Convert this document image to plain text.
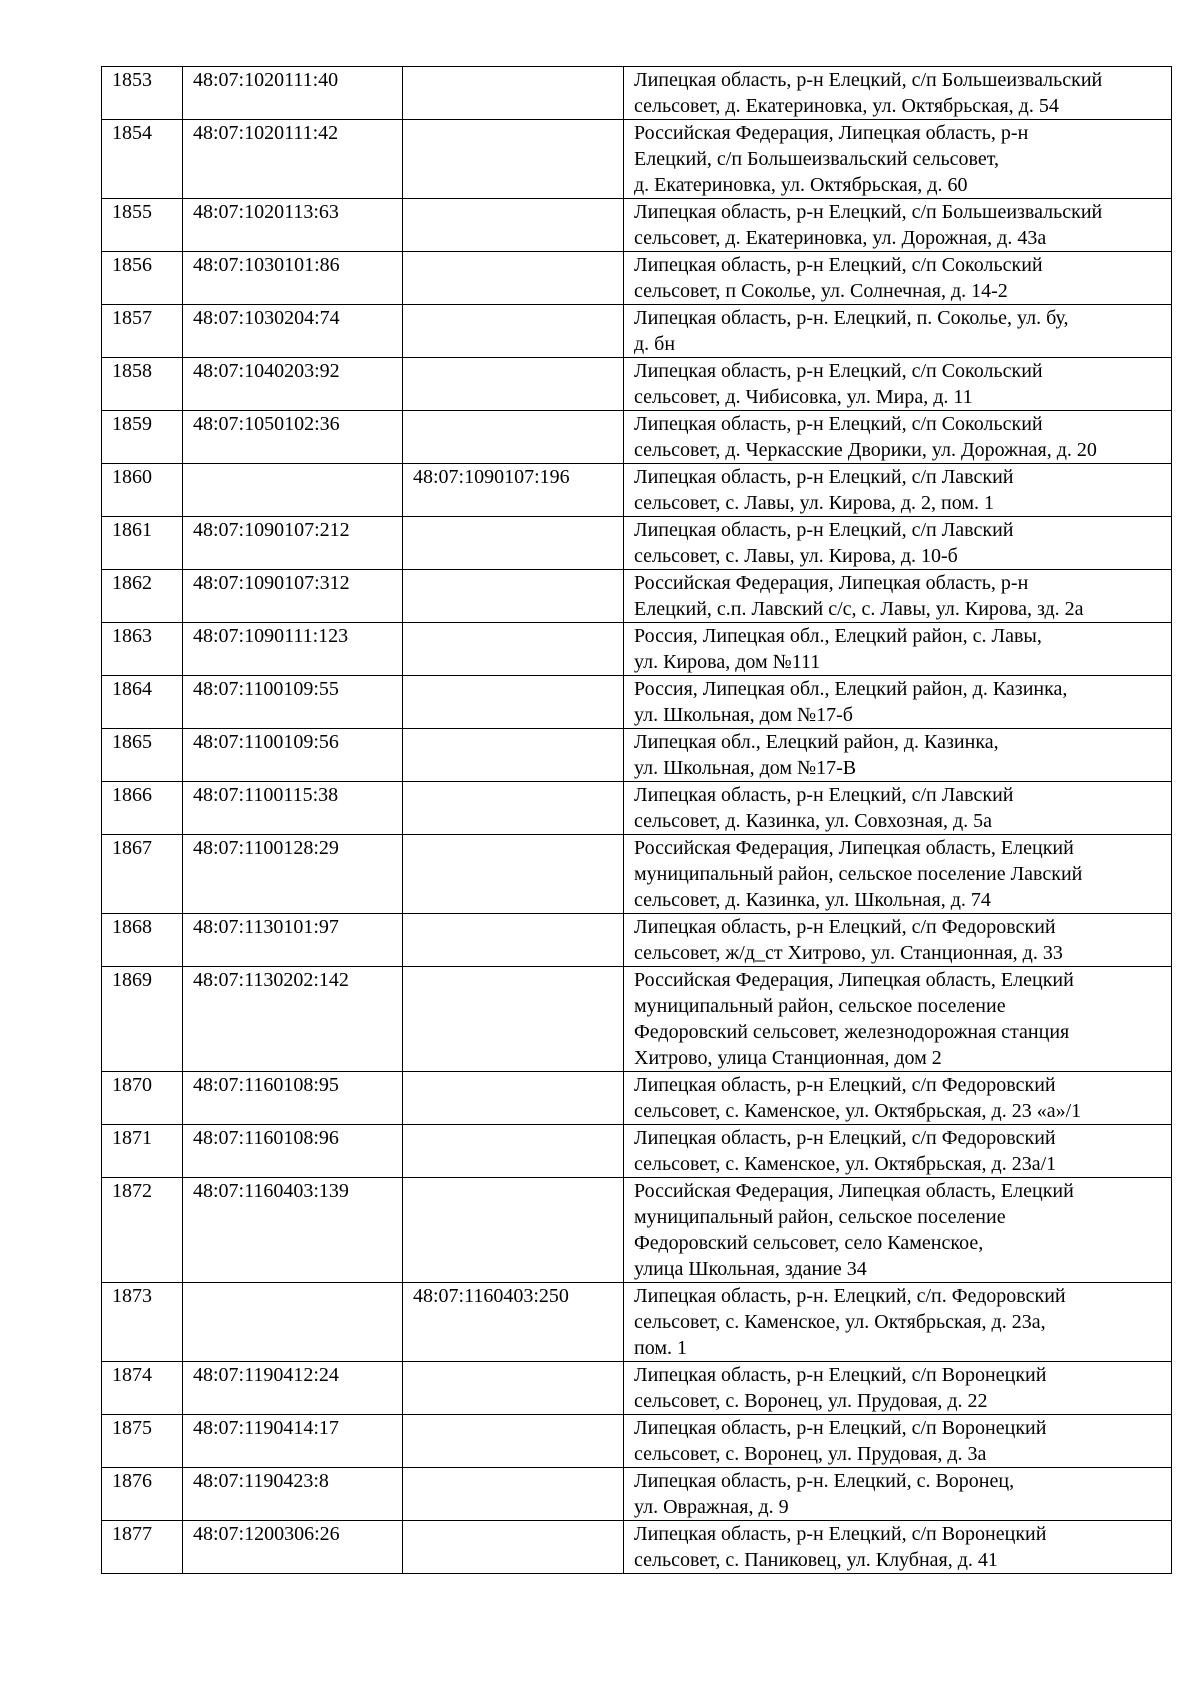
1853	48:07:1020111:40		Липецкая область, р-н Елецкий, с/п Большеизвальский
сельсовет, д. Екатериновка, ул. Октябрьская, д. 54
1854	48:07:1020111:42		Российская Федерация, Липецкая область, р-н
Елецкий, с/п Большеизвальский сельсовет,
д. Екатериновка, ул. Октябрьская, д. 60
1855	48:07:1020113:63		Липецкая область, р-н Елецкий, с/п Большеизвальский
сельсовет, д. Екатериновка, ул. Дорожная, д. 43а
1856	48:07:1030101:86		Липецкая область, р-н Елецкий, с/п Сокольский
сельсовет, п Соколье, ул. Солнечная, д. 14-2
1857	48:07:1030204:74		Липецкая область, р-н. Елецкий, п. Соколье, ул. бу,
д. бн
1858	48:07:1040203:92		Липецкая область, р-н Елецкий, с/п Сокольский
сельсовет, д. Чибисовка, ул. Мира, д. 11
1859	48:07:1050102:36		Липецкая область, р-н Елецкий, с/п Сокольский
сельсовет, д. Черкасские Дворики, ул. Дорожная, д. 20
1860		48:07:1090107:196	Липецкая область, р-н Елецкий, с/п Лавский
сельсовет, с. Лавы, ул. Кирова, д. 2, пом. 1
1861	48:07:1090107:212		Липецкая область, р-н Елецкий, с/п Лавский
сельсовет, с. Лавы, ул. Кирова, д. 10-б
1862	48:07:1090107:312		Российская Федерация, Липецкая область, р-н
Елецкий, с.п. Лавский с/с, с. Лавы, ул. Кирова, зд. 2а
1863	48:07:1090111:123		Россия, Липецкая обл., Елецкий район, с. Лавы,
ул. Кирова, дом №111
1864	48:07:1100109:55		Россия, Липецкая обл., Елецкий район, д. Казинка,
ул. Школьная, дом №17-б
1865	48:07:1100109:56		Липецкая обл., Елецкий район, д. Казинка,
ул. Школьная, дом №17-В
1866	48:07:1100115:38		Липецкая область, р-н Елецкий, с/п Лавский
сельсовет, д. Казинка, ул. Совхозная, д. 5а
1867	48:07:1100128:29		Российская Федерация, Липецкая область, Елецкий
муниципальный район, сельское поселение Лавский
сельсовет, д. Казинка, ул. Школьная, д. 74
1868	48:07:1130101:97		Липецкая область, р-н Елецкий, с/п Федоровский
сельсовет, ж/д_ст Хитрово, ул. Станционная, д. 33
1869	48:07:1130202:142		Российская Федерация, Липецкая область, Елецкий
муниципальный район, сельское поселение
Федоровский сельсовет, железнодорожная станция
Хитрово, улица Станционная, дом 2
1870	48:07:1160108:95		Липецкая область, р-н Елецкий, с/п Федоровский
сельсовет, с. Каменское, ул. Октябрьская, д. 23 «а»/1
1871	48:07:1160108:96		Липецкая область, р-н Елецкий, с/п Федоровский
сельсовет, с. Каменское, ул. Октябрьская, д. 23а/1
1872	48:07:1160403:139		Российская Федерация, Липецкая область, Елецкий
муниципальный район, сельское поселение
Федоровский сельсовет, село Каменское,
улица Школьная, здание 34
1873		48:07:1160403:250	Липецкая область, р-н. Елецкий, с/п. Федоровский
сельсовет, с. Каменское, ул. Октябрьская, д. 23а,
пом. 1
1874	48:07:1190412:24		Липецкая область, р-н Елецкий, с/п Воронецкий
сельсовет, с. Воронец, ул. Прудовая, д. 22
1875	48:07:1190414:17		Липецкая область, р-н Елецкий, с/п Воронецкий
сельсовет, с. Воронец, ул. Прудовая, д. 3а
1876	48:07:1190423:8		Липецкая область, р-н. Елецкий, с. Воронец,
ул. Овражная, д. 9
1877	48:07:1200306:26		Липецкая область, р-н Елецкий, с/п Воронецкий
сельсовет, с. Паниковец, ул. Клубная, д. 41
